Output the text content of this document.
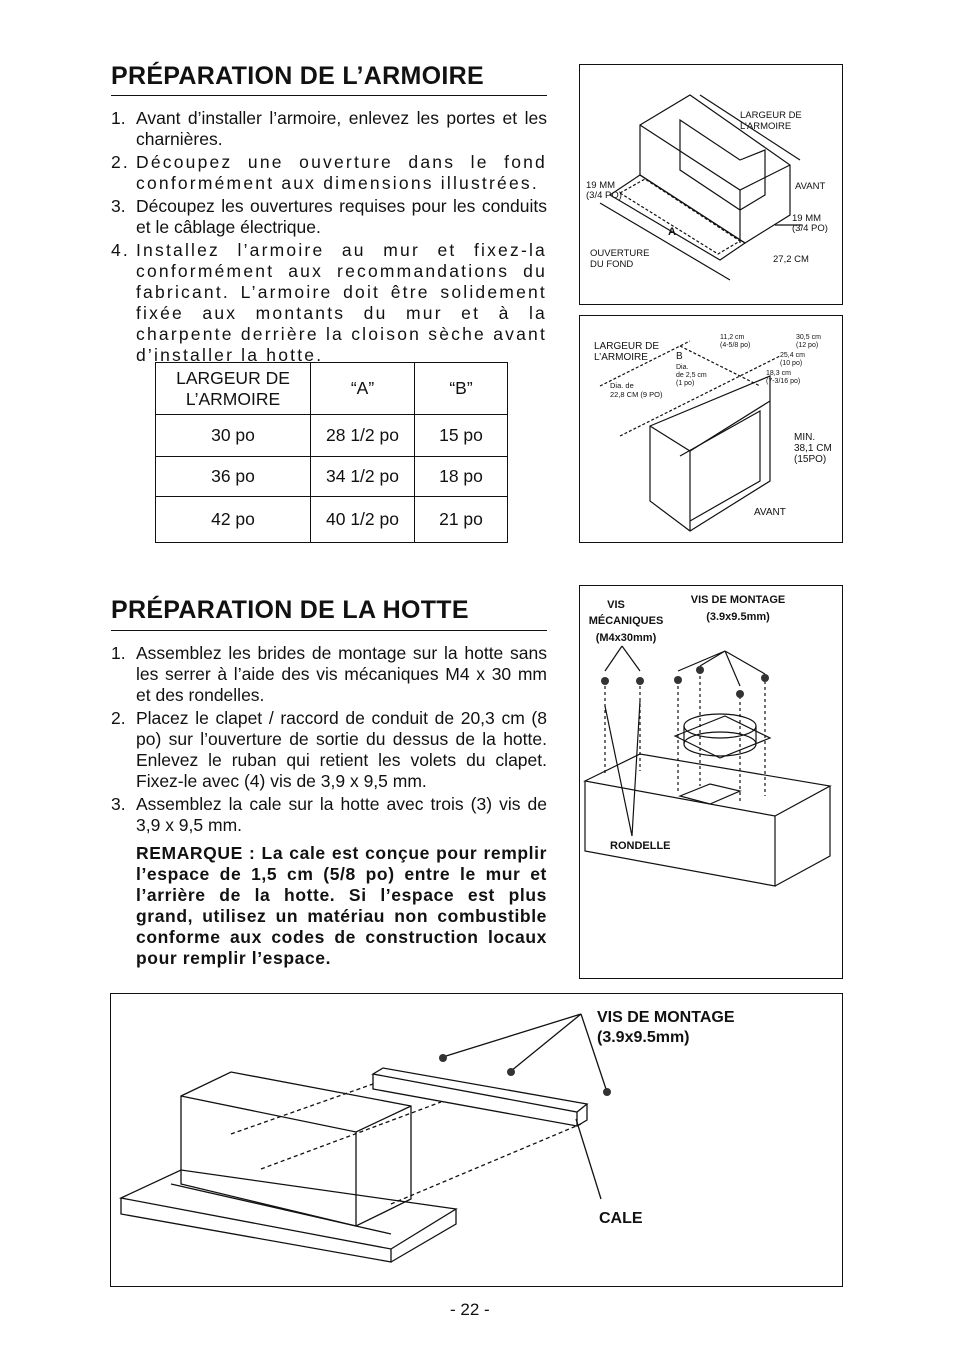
PRÉPARATION DE L’ARMOIRE
1. Avant d’installer l’armoire, enlevez les portes et les charnières.
2. Découpez une ouverture dans le fond conformément aux dimensions illustrées.
3. Découpez les ouvertures requises pour les conduits et le câblage électrique.
4. Installez l’armoire au mur et fixez-la conformément aux recommandations du fabricant. L’armoire doit être solidement fixée aux montants du mur et à la charpente derrière la cloison sèche avant d’installer la hotte.
LARGEUR DE L’ARMOIRE	“A”	“B”
30 po	28 1/2 po	15 po
36 po	34 1/2 po	18 po
42 po	40 1/2 po	21 po
LARGEUR DE
L’ARMOIRE
19 MM
(3/4 PO)
AVANT
19 MM
(3/4 PO)
A
OUVERTURE
DU FOND	27,2 CM
LARGEUR DE
L’ARMOIRE	B
Dia.
de 2,5 cm
(1 po)
Dia. de
22,8 CM (9 PO)
11,2 cm
(4-5/8 po)
30,5 cm
(12 po)
25,4 cm
(10 po)
18,3 cm
(7-3/16 po)
MIN.
38,1 CM
(15PO)
AVANT
PRÉPARATION DE LA HOTTE
1. Assemblez les brides de montage sur la hotte sans les serrer à l’aide des vis mécaniques M4 x 30 mm et des rondelles.
2. Placez le clapet / raccord de conduit de 20,3 cm (8 po) sur l’ouverture de sortie du dessus de la hotte. Enlevez le ruban qui retient les volets du clapet. Fixez-le avec (4) vis de 3,9 x 9,5 mm.
3. Assemblez la cale sur la hotte avec trois (3) vis de 3,9 x 9,5 mm.
REMARQUE : La cale est conçue pour remplir l’espace de 1,5 cm (5/8 po) entre le mur et l’arrière de la hotte. Si l’espace est plus grand, utilisez un matériau non combustible conforme aux codes de construction locaux pour remplir l’espace.
VIS
MÉCANIQUES
(M4x30mm)
VIS DE MONTAGE
(3.9x9.5mm)
RONDELLE
VIS DE MONTAGE
(3.9x9.5mm)
CALE
- 22 -
